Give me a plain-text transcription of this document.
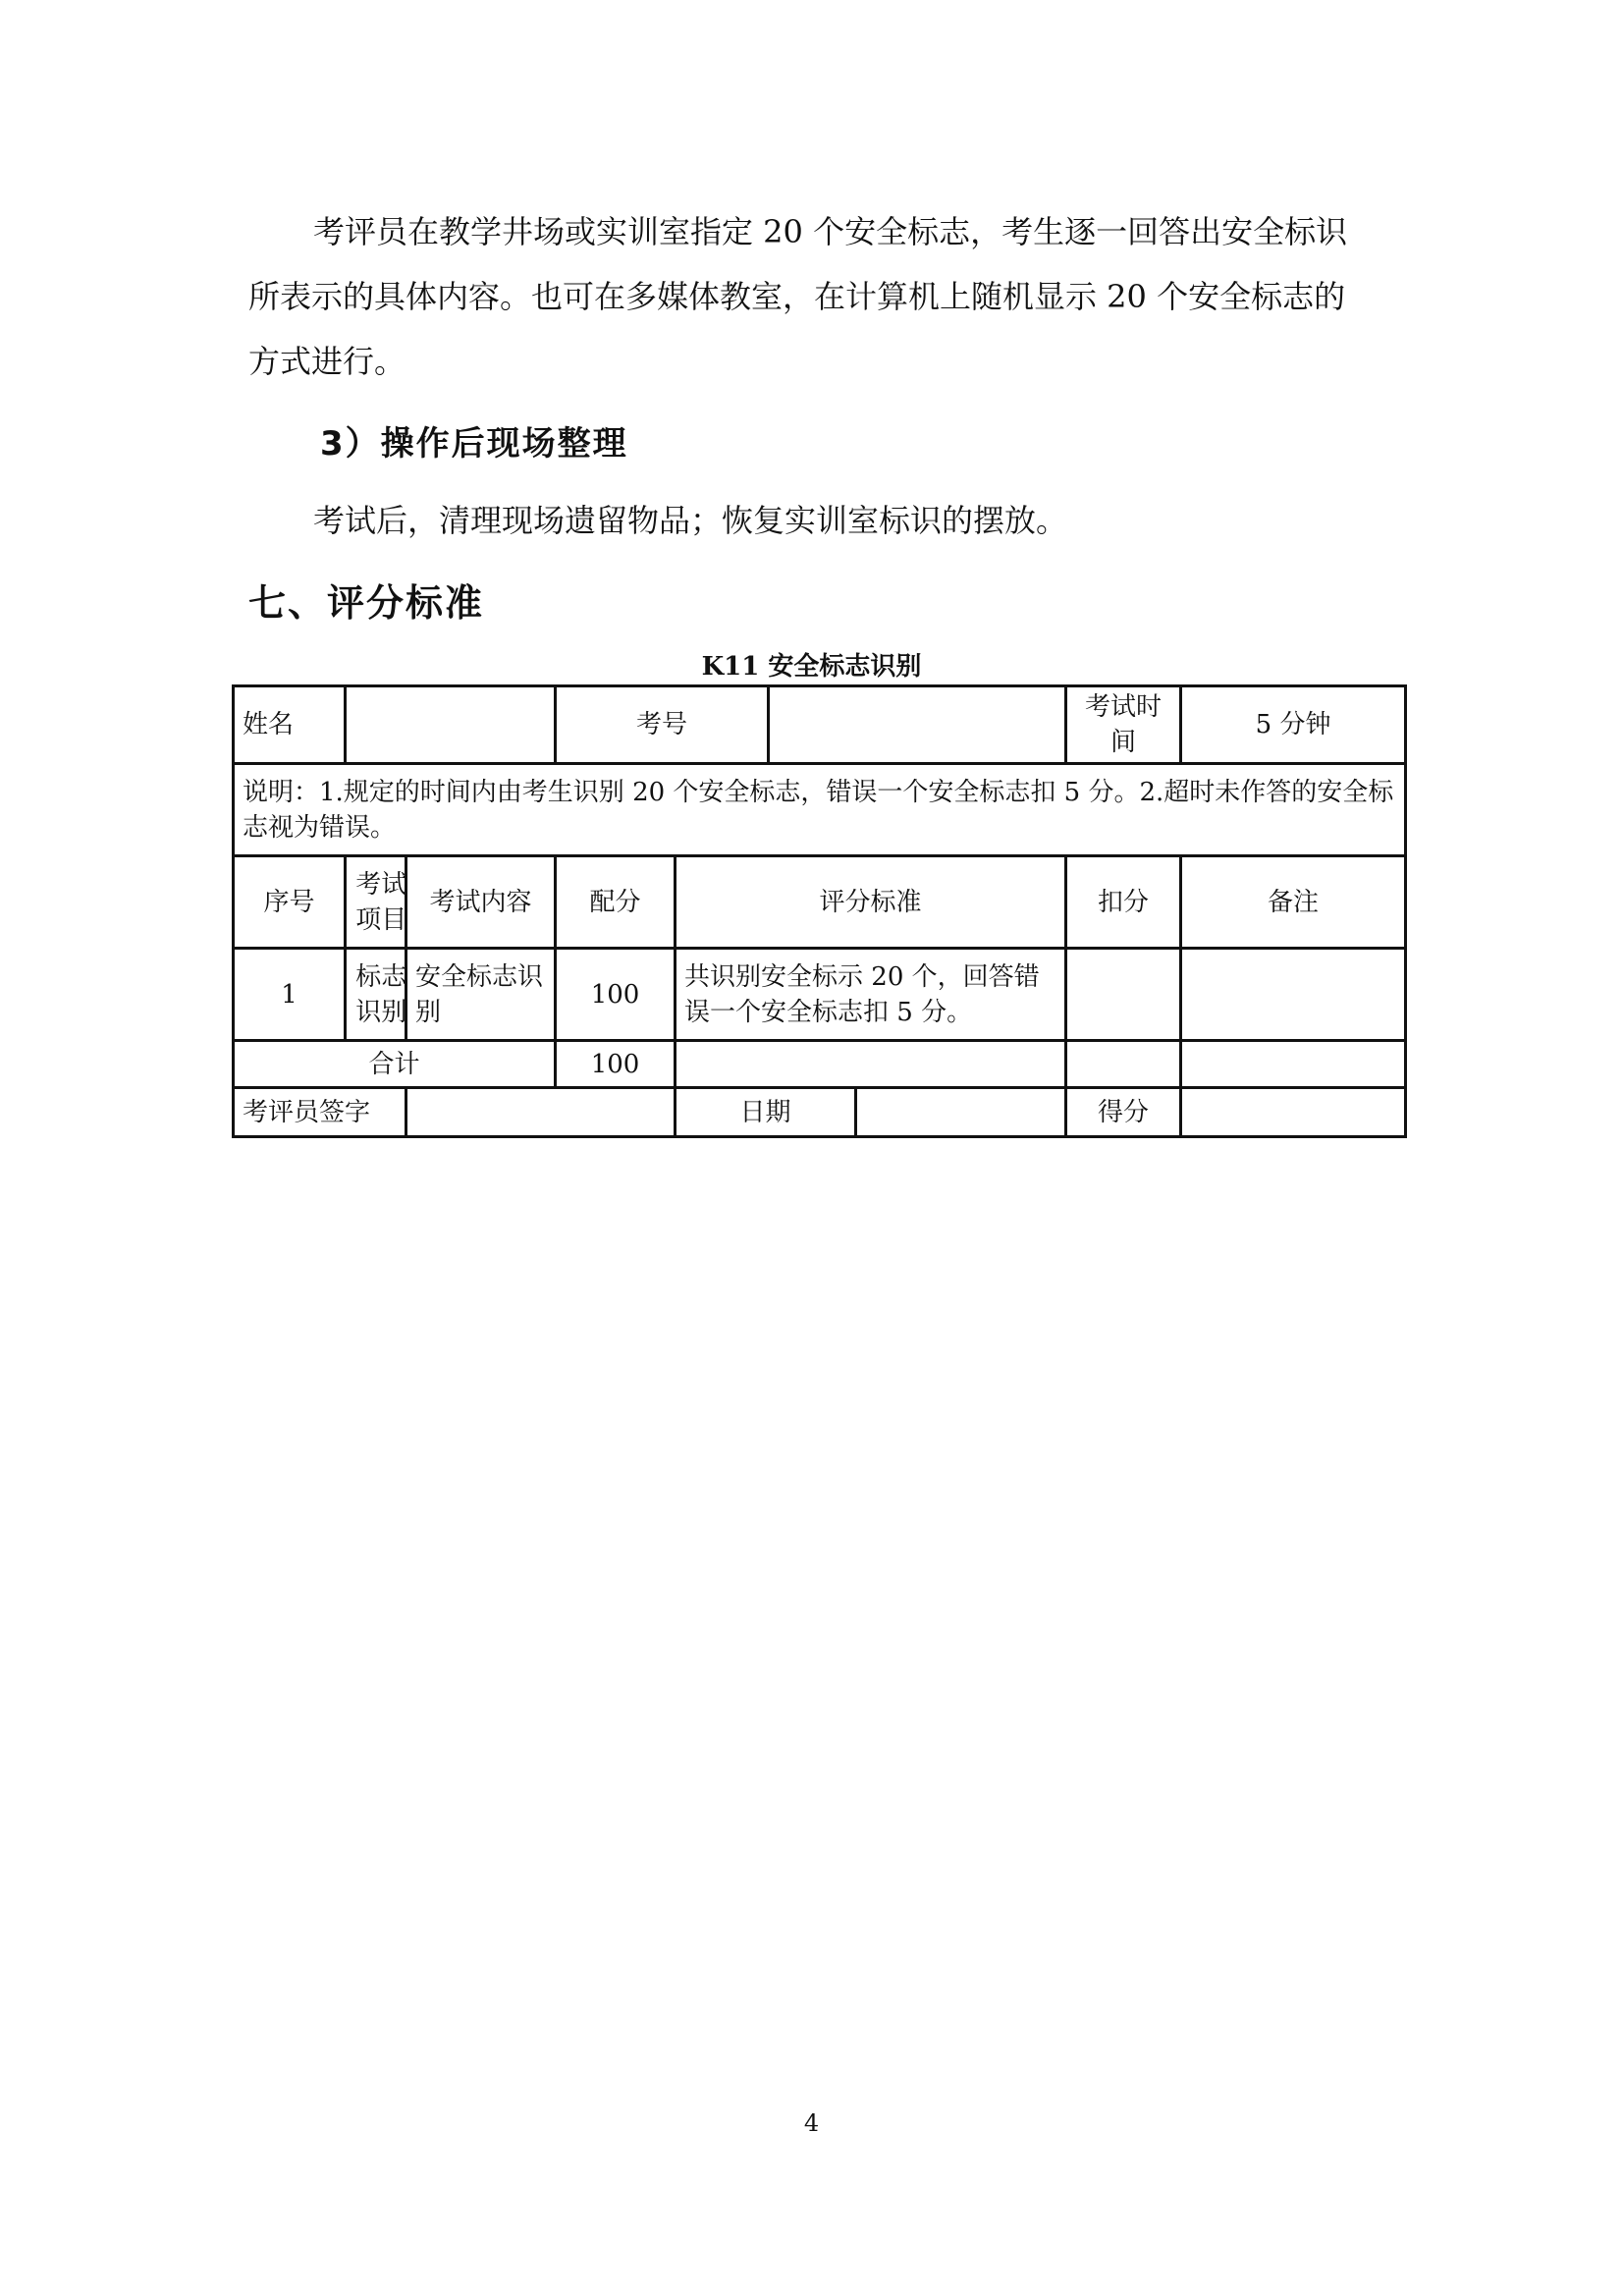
考评员在教学井场或实训室指定 20 个安全标志，考生逐一回答出安全标识

所表示的具体内容。也可在多媒体教室，在计算机上随机显示 20 个安全标志的

方式进行。

3）操作后现场整理

考试后，清理现场遗留物品；恢复实训室标识的摆放。

七、评分标准
K11 安全标志识别
姓名			考号				考试时间	5 分钟
说明：1.规定的时间内由考生识别 20 个安全标志，错误一个安全标志扣 5 分。2.超时未作答的安全标志视为错误。								
序号	考试项目	考试内容	配分	评分标准			扣分	备注
1	标志识别	安全标志识别	100	共识别安全标示 20 个，回答错误一个安全标志扣 5 分。				
合计			100					
考评员签字				日期			得分	
4
